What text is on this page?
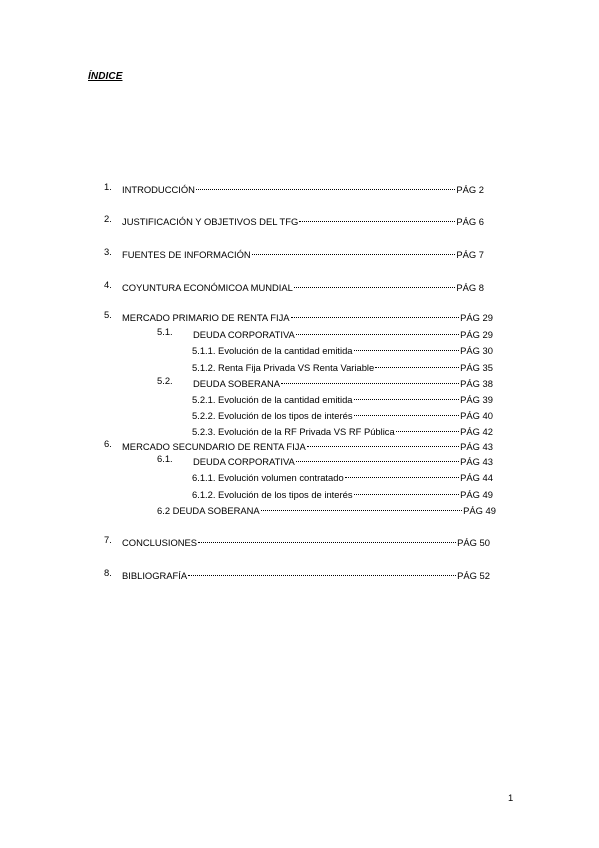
ÍNDICE
1. INTRODUCCIÓN	PÁG 2
2. JUSTIFICACIÓN Y OBJETIVOS DEL TFG	PÁG 6
3. FUENTES DE INFORMACIÓN	PÁG 7
4. COYUNTURA ECONÓMICOA MUNDIAL	PÁG 8
5. MERCADO PRIMARIO DE RENTA FIJA	PÁG 29
5.1. DEUDA CORPORATIVA	PÁG 29
5.1.1. Evolución de la cantidad emitida	PÁG 30
5.1.2. Renta Fija Privada VS Renta Variable	PÁG 35
5.2. DEUDA SOBERANA	PÁG 38
5.2.1. Evolución de la cantidad emitida	PÁG 39
5.2.2. Evolución de los tipos de interés	PÁG 40
5.2.3. Evolución de la RF Privada VS RF Pública	PÁG 42
6. MERCADO SECUNDARIO DE RENTA FIJA	PÁG 43
6.1. DEUDA CORPORATIVA	PÁG 43
6.1.1. Evolución volumen contratado	PÁG 44
6.1.2. Evolución de los tipos de interés	PÁG 49
6.2 DEUDA SOBERANA	PÁG 49
7. CONCLUSIONES	PÁG 50
8. BIBLIOGRAFÍA	PÁG 52
1
